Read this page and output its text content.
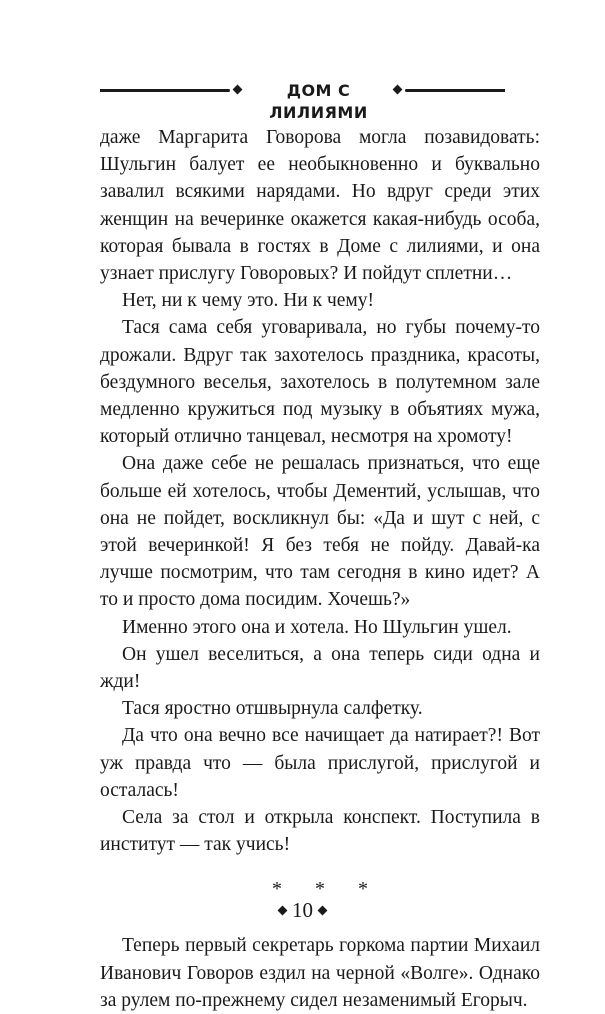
ДОМ С ЛИЛИЯМИ

даже Маргарита Говорова могла позавидовать: Шульгин балует ее необыкновенно и буквально завалил всякими нарядами. Но вдруг среди этих женщин на вечеринке окажется какая-нибудь особа, которая бывала в гостях в Доме с лилиями, и она узнает прислугу Говоровых? И пойдут сплетни…

Нет, ни к чему это. Ни к чему!

Тася сама себя уговаривала, но губы почему-то дрожали. Вдруг так захотелось праздника, красоты, бездумного веселья, захотелось в полутемном зале медленно кружиться под музыку в объятиях мужа, который отлично танцевал, несмотря на хромоту!

Она даже себе не решалась признаться, что еще больше ей хотелось, чтобы Дементий, услышав, что она не пойдет, воскликнул бы: «Да и шут с ней, с этой вечеринкой! Я без тебя не пойду. Давай-ка лучше посмотрим, что там сегодня в кино идет? А то и просто дома посидим. Хочешь?»

Именно этого она и хотела. Но Шульгин ушел.

Он ушел веселиться, а она теперь сиди одна и жди!

Тася яростно отшвырнула салфетку.

Да что она вечно все начищает да натирает?! Вот уж правда что — была прислугой, прислугой и осталась!

Села за стол и открыла конспект. Поступила в институт — так учись!

* * *

Теперь первый секретарь горкома партии Михаил Иванович Говоров ездил на черной «Волге». Однако за рулем по-прежнему сидел незаменимый Егорыч.

10
